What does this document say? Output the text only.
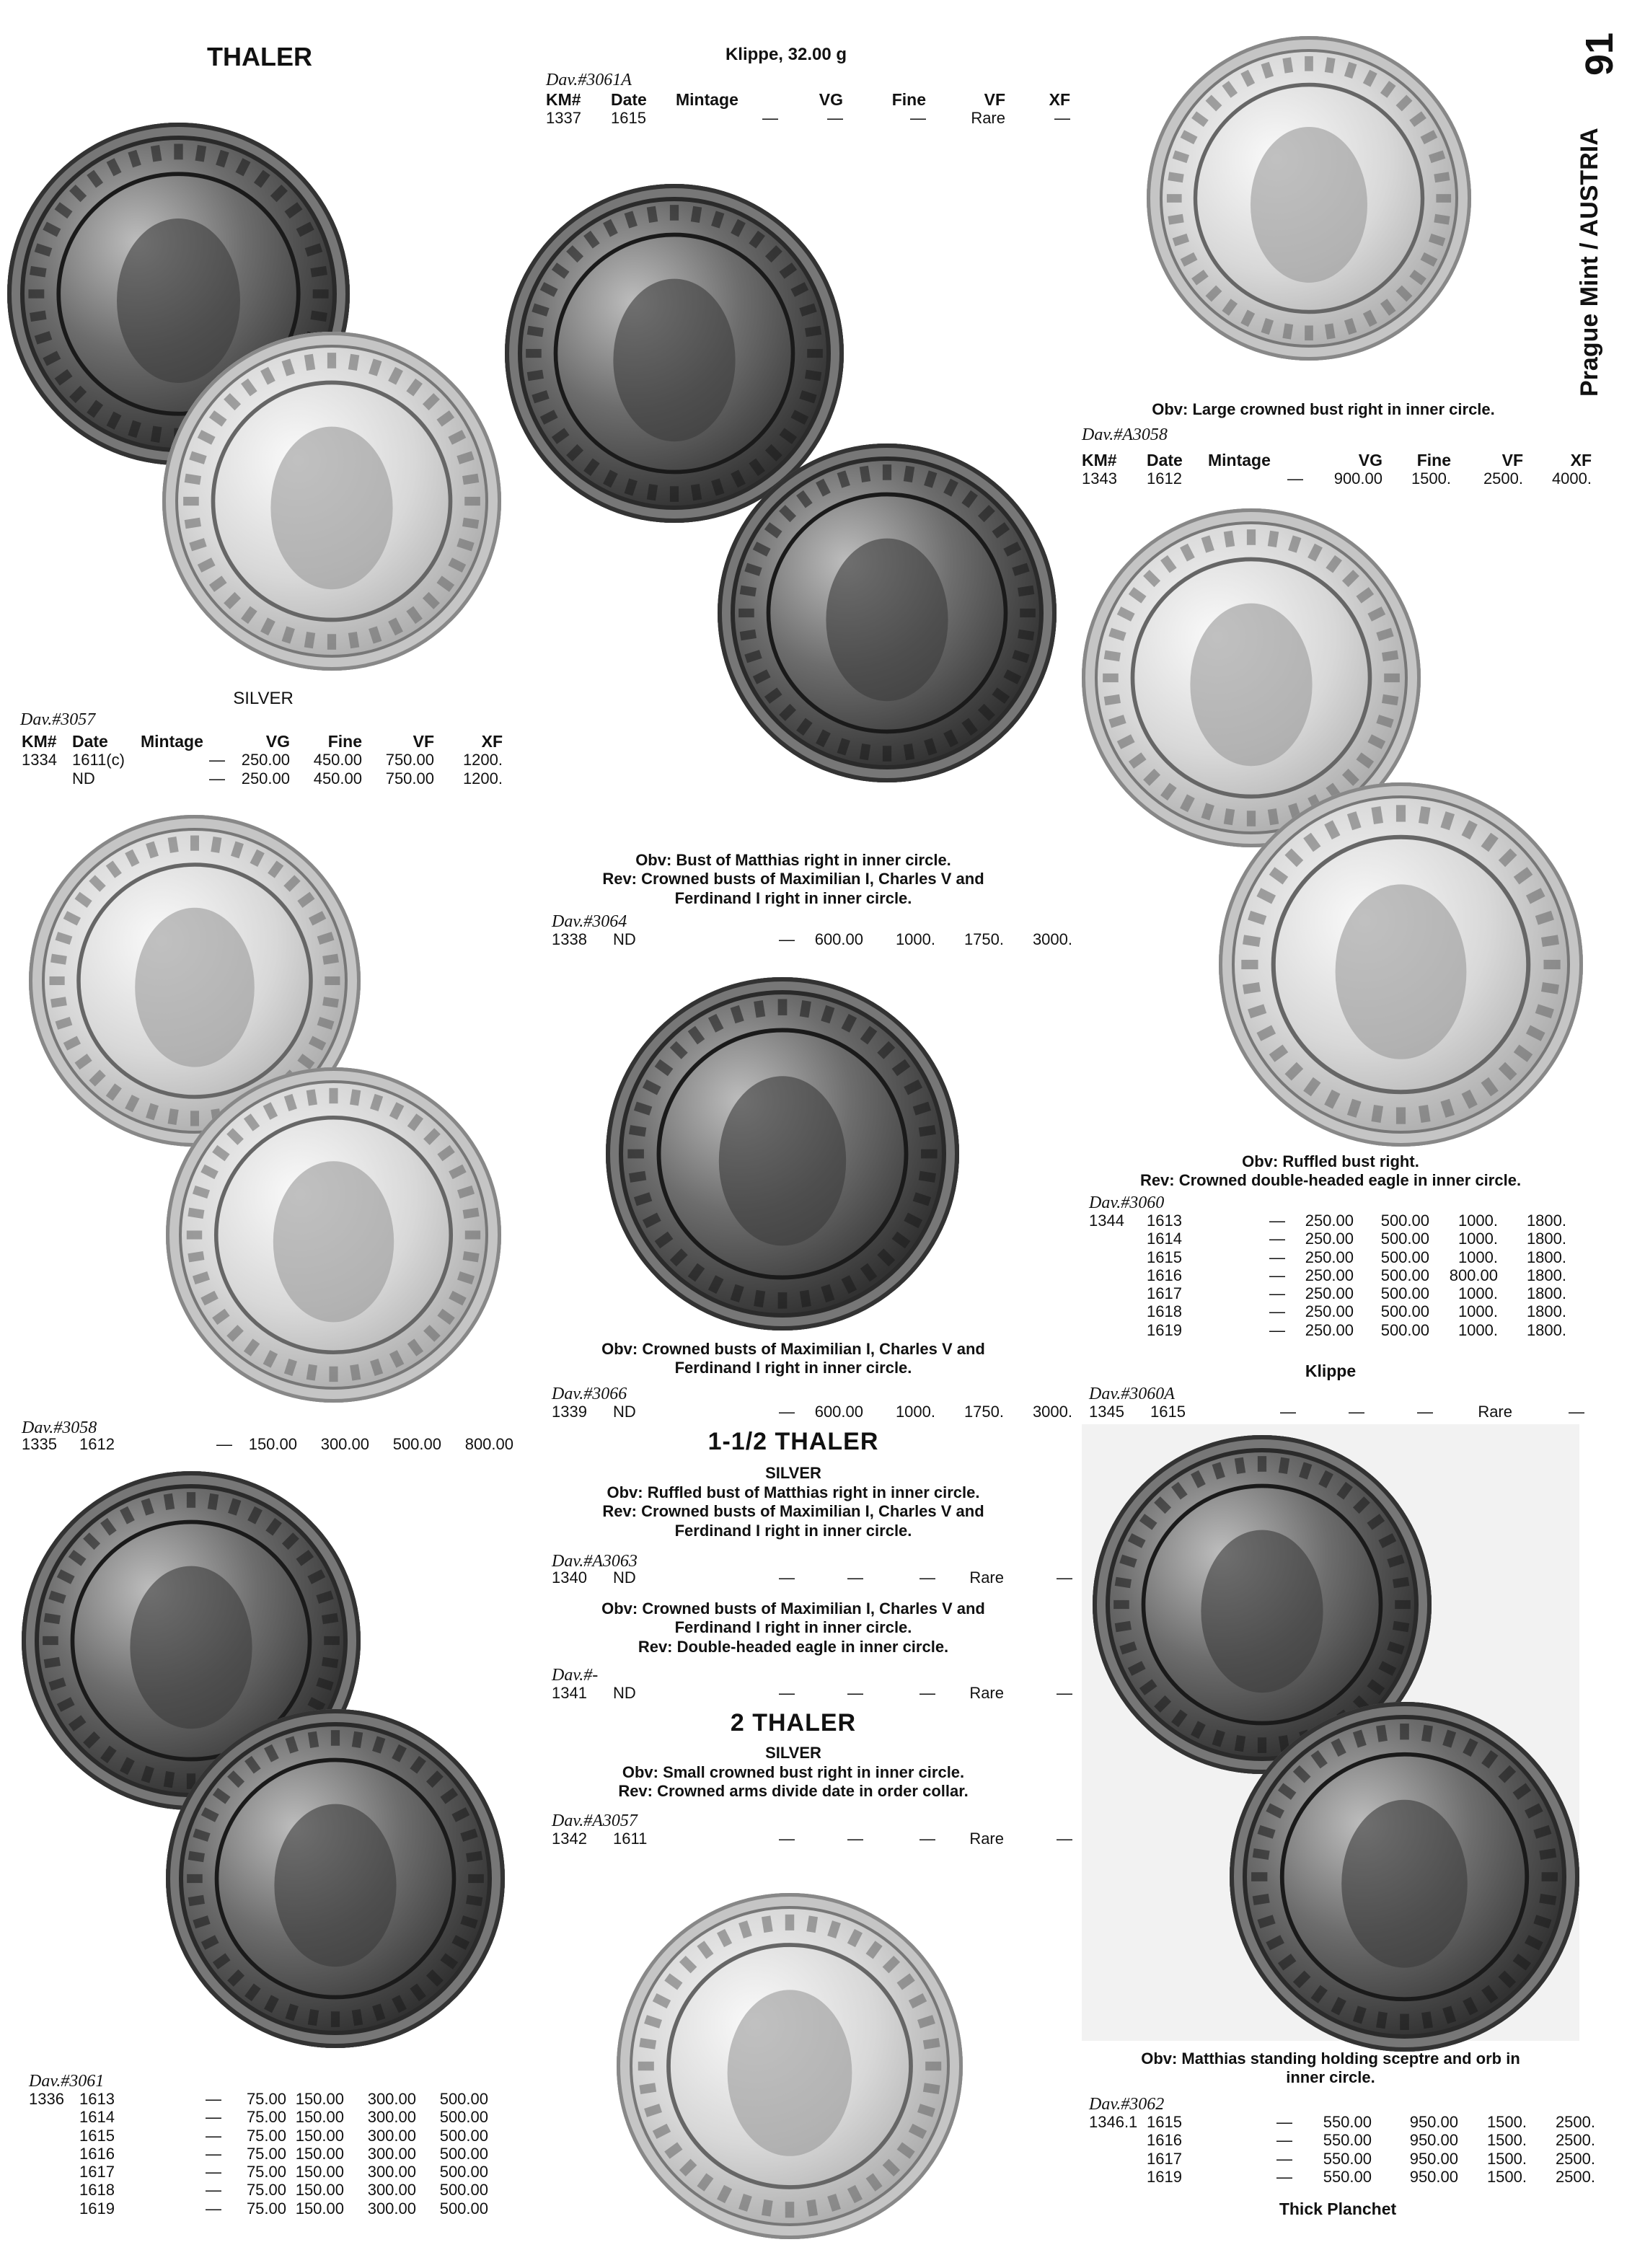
Prague Mint / AUSTRIA
91
THALER
SILVER
Dav.#3057
KM#	Date	Mintage	VG	Fine	VF	XF
1334	1611(c)	—	250.00	450.00	750.00	1200.
	ND	—	250.00	450.00	750.00	1200.
Dav.#3058
1335	1612	—	150.00	300.00	500.00	800.00
Dav.#3061
1336	1613	—	75.00	150.00	300.00	500.00
	1614	—	75.00	150.00	300.00	500.00
	1615	—	75.00	150.00	300.00	500.00
	1616	—	75.00	150.00	300.00	500.00
	1617	—	75.00	150.00	300.00	500.00
	1618	—	75.00	150.00	300.00	500.00
	1619	—	75.00	150.00	300.00	500.00
Klippe, 32.00 g
Dav.#3061A
KM#	Date	Mintage	VG	Fine	VF	XF
1337	1615	—	—	—	Rare	—
Obv: Bust of Matthias right in inner circle.
Rev: Crowned busts of Maximilian I, Charles V and
Ferdinand I right in inner circle.
Dav.#3064
1338	ND	—	600.00	1000.	1750.	3000.
Obv: Crowned busts of Maximilian I, Charles V and
Ferdinand I right in inner circle.
Dav.#3066
1339	ND	—	600.00	1000.	1750.	3000.
1-1/2 THALER
SILVER
Obv: Ruffled bust of Matthias right in inner circle.
Rev: Crowned busts of Maximilian I, Charles V and
Ferdinand I right in inner circle.
Dav.#A3063
1340	ND	—	—	—	Rare	—
Obv: Crowned busts of Maximilian I, Charles V and
Ferdinand I right in inner circle.
Rev: Double-headed eagle in inner circle.
Dav.#-
1341	ND	—	—	—	Rare	—
2 THALER
SILVER
Obv: Small crowned bust right in inner circle.
Rev: Crowned arms divide date in order collar.
Dav.#A3057
1342	1611	—	—	—	Rare	—
Obv: Large crowned bust right in inner circle.
Dav.#A3058
KM#	Date	Mintage	VG	Fine	VF	XF
1343	1612	—	900.00	1500.	2500.	4000.
Obv: Ruffled bust right.
Rev: Crowned double-headed eagle in inner circle.
Dav.#3060
1344	1613	—	250.00	500.00	1000.	1800.
	1614	—	250.00	500.00	1000.	1800.
	1615	—	250.00	500.00	1000.	1800.
	1616	—	250.00	500.00	800.00	1800.
	1617	—	250.00	500.00	1000.	1800.
	1618	—	250.00	500.00	1000.	1800.
	1619	—	250.00	500.00	1000.	1800.
Klippe
Dav.#3060A
1345	1615	—	—	—	Rare	—
Obv: Matthias standing holding sceptre and orb in
inner circle.
Dav.#3062
1346.1	1615	—	550.00	950.00	1500.	2500.
	1616	—	550.00	950.00	1500.	2500.
	1617	—	550.00	950.00	1500.	2500.
	1619	—	550.00	950.00	1500.	2500.
Thick Planchet
